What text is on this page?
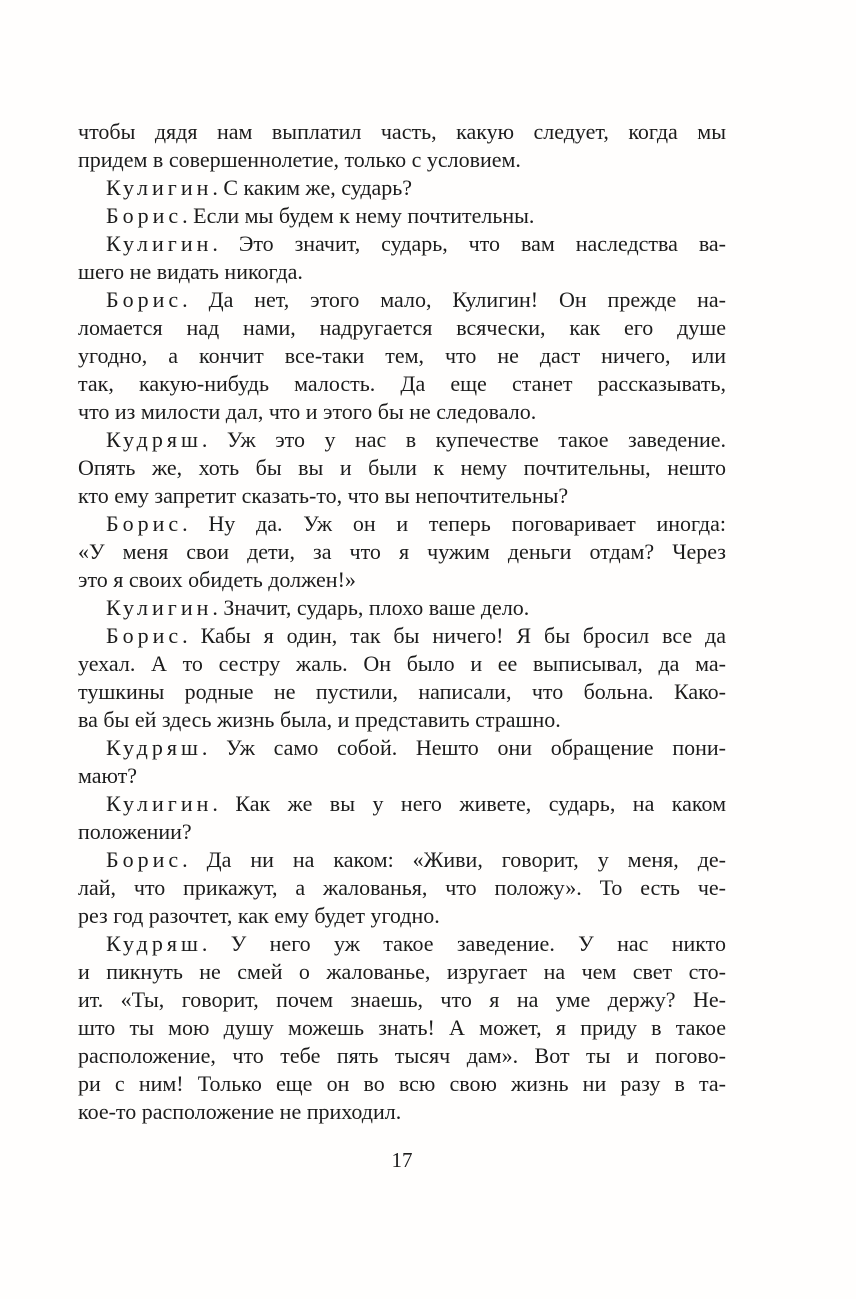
чтобы дядя нам выплатил часть, какую следует, когда мы
придем в совершеннолетие, только с условием.
Кулигин. С каким же, сударь?
Борис. Если мы будем к нему почтительны.
Кулигин. Это значит, сударь, что вам наследства ва-
шего не видать никогда.
Борис. Да нет, этого мало, Кулигин! Он прежде на-
ломается над нами, надругается всячески, как его душе
угодно, а кончит все-таки тем, что не даст ничего, или
так, какую-нибудь малость. Да еще станет рассказывать,
что из милости дал, что и этого бы не следовало.
Кудряш. Уж это у нас в купечестве такое заведение.
Опять же, хоть бы вы и были к нему почтительны, нешто
кто ему запретит сказать-то, что вы непочтительны?
Борис. Ну да. Уж он и теперь поговаривает иногда:
«У меня свои дети, за что я чужим деньги отдам? Через
это я своих обидеть должен!»
Кулигин. Значит, сударь, плохо ваше дело.
Борис. Кабы я один, так бы ничего! Я бы бросил все да
уехал. А то сестру жаль. Он было и ее выписывал, да ма-
тушкины родные не пустили, написали, что больна. Како-
ва бы ей здесь жизнь была, и представить страшно.
Кудряш. Уж само собой. Нешто они обращение пони-
мают?
Кулигин. Как же вы у него живете, сударь, на каком
положении?
Борис. Да ни на каком: «Живи, говорит, у меня, де-
лай, что прикажут, а жалованья, что положу». То есть че-
рез год разочтет, как ему будет угодно.
Кудряш. У него уж такое заведение. У нас никто
и пикнуть не смей о жалованье, изругает на чем свет сто-
ит. «Ты, говорит, почем знаешь, что я на уме держу? Не-
што ты мою душу можешь знать! А может, я приду в такое
расположение, что тебе пять тысяч дам». Вот ты и погово-
ри с ним! Только еще он во всю свою жизнь ни разу в та-
кое-то расположение не приходил.
17
